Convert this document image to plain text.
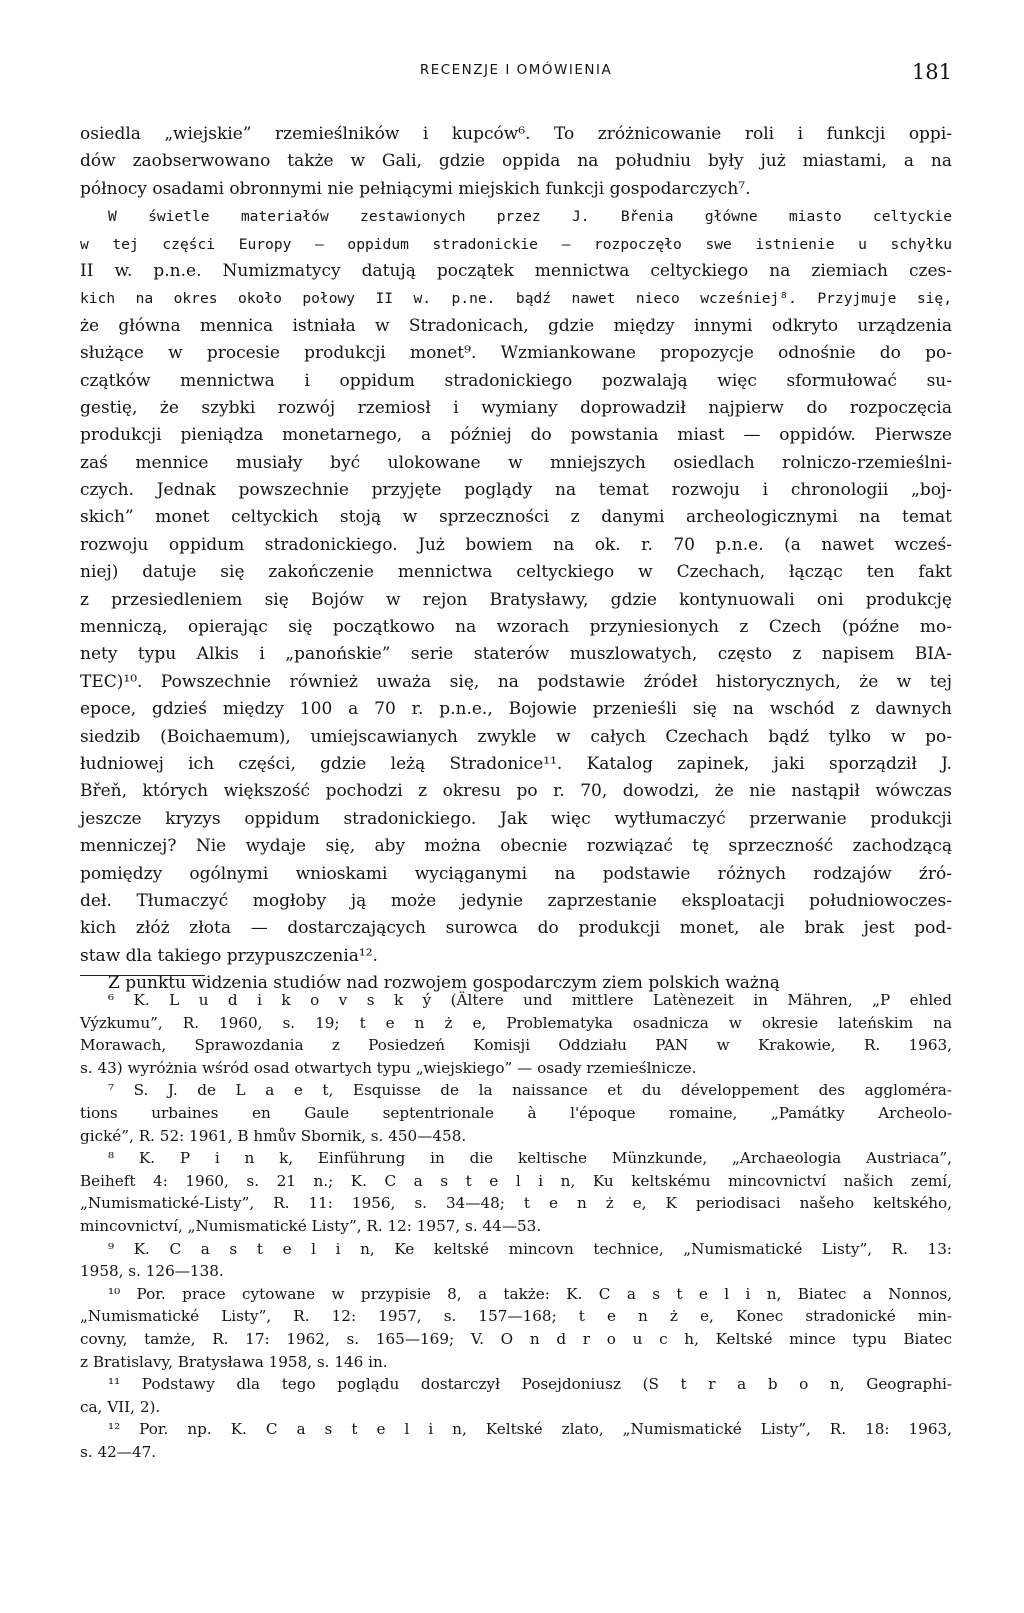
RECENZJE I OMÓWIENIA	181
osiedla „wiejskie” rzemieślników i kupców⁶. To zróżnicowanie roli i funkcji oppi-
dów zaobserwowano także w Gali, gdzie oppida na południu były już miastami, a na
północy osadami obronnymi nie pełniącymi miejskich funkcji gospodarczych⁷.
W świetle materiałów zestawionych przez J. Břenia główne miasto celtyckie
w tej części Europy — oppidum stradonickie — rozpoczęło swe istnienie u schyłku
II w. p.n.e. Numizmatycy datują początek mennictwa celtyckiego na ziemiach czes-
kich na okres około połowy II w. p.ne. bądź nawet nieco wcześniej⁸. Przyjmuje się,
że główna mennica istniała w Stradonicach, gdzie między innymi odkryto urządzenia
służące w procesie produkcji monet⁹. Wzmiankowane propozycje odnośnie do po-
czątków mennictwa i oppidum stradonickiego pozwalają więc sformułować su-
gestię, że szybki rozwój rzemiosł i wymiany doprowadził najpierw do rozpoczęcia
produkcji pieniądza monetarnego, a później do powstania miast — oppidów. Pierwsze
zaś mennice musiały być ulokowane w mniejszych osiedlach rolniczo-rzemieślni-
czych. Jednak powszechnie przyjęte poglądy na temat rozwoju i chronologii „boj-
skich” monet celtyckich stoją w sprzeczności z danymi archeologicznymi na temat
rozwoju oppidum stradonickiego. Już bowiem na ok. r. 70 p.n.e. (a nawet wcześ-
niej) datuje się zakończenie mennictwa celtyckiego w Czechach, łącząc ten fakt
z przesiedleniem się Bojów w rejon Bratysławy, gdzie kontynuowali oni produkcję
menniczą, opierając się początkowo na wzorach przyniesionych z Czech (późne mo-
nety typu Alkis i „panońskie” serie staterów muszlowatych, często z napisem BIA-
TEC)¹⁰. Powszechnie również uważa się, na podstawie źródeł historycznych, że w tej
epoce, gdzieś między 100 a 70 r. p.n.e., Bojowie przenieśli się na wschód z dawnych
siedzib (Boichaemum), umiejscawianych zwykle w całych Czechach bądź tylko w po-
łudniowej ich części, gdzie leżą Stradonice¹¹. Katalog zapinek, jaki sporządził J.
Břeň, których większość pochodzi z okresu po r. 70, dowodzi, że nie nastąpił wówczas
jeszcze kryzys oppidum stradonickiego. Jak więc wytłumaczyć przerwanie produkcji
menniczej? Nie wydaje się, aby można obecnie rozwiązać tę sprzeczność zachodzącą
pomiędzy ogólnymi wnioskami wyciąganymi na podstawie różnych rodzajów źró-
deł. Tłumaczyć mogłoby ją może jedynie zaprzestanie eksploatacji południowoczes-
kich złóż złota — dostarczających surowca do produkcji monet, ale brak jest pod-
staw dla takiego przypuszczenia¹².
Z punktu widzenia studiów nad rozwojem gospodarczym ziem polskich ważną
⁶ K. L u d i k o v s k ý (Ältere und mittlere Latènezeit in Mähren, „P ehled
Výzkumu”, R. 1960, s. 19; t e n ż e, Problematyka osadnicza w okresie lateńskim na
Morawach, Sprawozdania z Posiedzeń Komisji Oddziału PAN w Krakowie, R. 1963,
s. 43) wyróżnia wśród osad otwartych typu „wiejskiego” — osady rzemieślnicze.
⁷ S. J. de L a e t, Esquisse de la naissance et du développement des aggloméra-
tions urbaines en Gaule septentrionale à l'époque romaine, „Památky Archeolo-
gické”, R. 52: 1961, B hmův Sbornik, s. 450—458.
⁸ K. P i n k, Einführung in die keltische Münzkunde, „Archaeologia Austriaca”,
Beiheft 4: 1960, s. 21 n.; K. C a s t e l i n, Ku keltskému mincovnictví našich zemí,
„Numismatické-Listy”, R. 11: 1956, s. 34—48; t e n ż e, K periodisaci našeho keltského,
mincovnictví, „Numismatické Listy”, R. 12: 1957, s. 44—53.
⁹ K. C a s t e l i n, Ke keltské mincovn technice, „Numismatické Listy”, R. 13:
1958, s. 126—138.
¹⁰ Por. prace cytowane w przypisie 8, a także: K. C a s t e l i n, Biatec a Nonnos,
„Numismatické Listy”, R. 12: 1957, s. 157—168; t e n ż e, Konec stradonické min-
covny, tamże, R. 17: 1962, s. 165—169; V. O n d r o u c h, Keltské mince typu Biatec
z Bratislavy, Bratysława 1958, s. 146 in.
¹¹ Podstawy dla tego poglądu dostarczył Posejdoniusz (S t r a b o n, Geographi-
ca, VII, 2).
¹² Por. np. K. C a s t e l i n, Keltské zlato, „Numismatické Listy”, R. 18: 1963,
s. 42—47.
